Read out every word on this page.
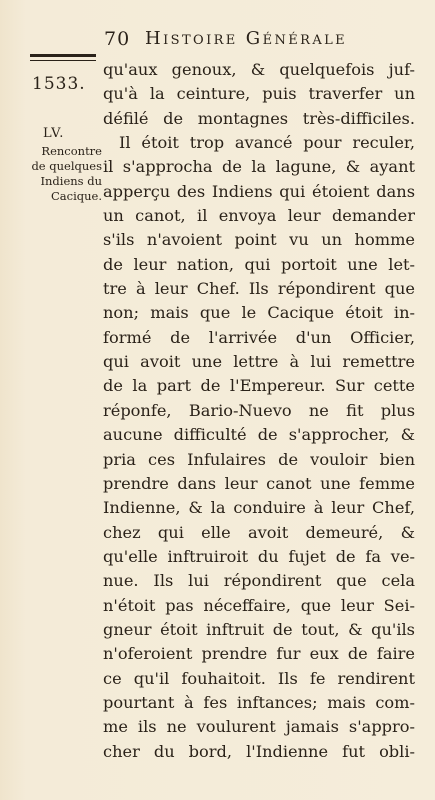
70 Histoire Générale
1533.
LV.
Rencontre
de quelques
Indiens du
Cacique.
qu'aux genoux, & quelquefois juf-
qu'à la ceinture, puis traverfer un
défilé de montagnes très-difficiles.
Il étoit trop avancé pour reculer,
il s'approcha de la lagune, & ayant
apperçu des Indiens qui étoient dans
un canot, il envoya leur demander
s'ils n'avoient point vu un homme
de leur nation, qui portoit une let-
tre à leur Chef. Ils répondirent que
non; mais que le Cacique étoit in-
formé de l'arrivée d'un Officier,
qui avoit une lettre à lui remettre
de la part de l'Empereur. Sur cette
réponfe, Bario-Nuevo ne fit plus
aucune difficulté de s'approcher, &
pria ces Infulaires de vouloir bien
prendre dans leur canot une femme
Indienne, & la conduire à leur Chef,
chez qui elle avoit demeuré, &
qu'elle inftruiroit du fujet de fa ve-
nue. Ils lui répondirent que cela
n'étoit pas néceffaire, que leur Sei-
gneur étoit inftruit de tout, & qu'ils
n'oferoient prendre fur eux de faire
ce qu'il fouhaitoit. Ils fe rendirent
pourtant à fes inftances; mais com-
me ils ne voulurent jamais s'appro-
cher du bord, l'Indienne fut obli-
